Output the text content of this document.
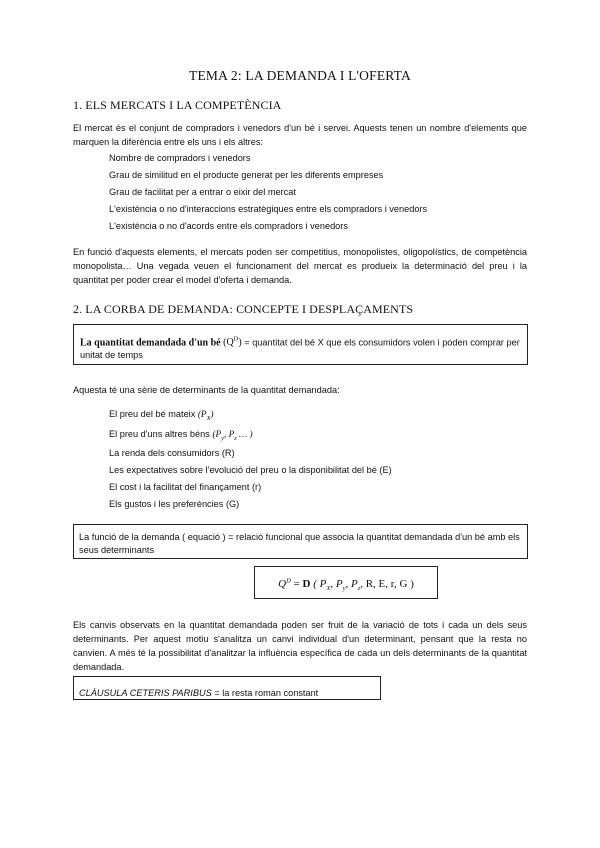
TEMA 2: LA DEMANDA I L'OFERTA
1. ELS MERCATS I LA COMPETÈNCIA
El mercat és el conjunt de compradors i venedors d'un bé i servei. Aquests tenen un nombre d'elements que marquen la diferència entre els uns i els altres:
Nombre de compradors i venedors
Grau de similitud en el producte generat per les diferents empreses
Grau de facilitat per a entrar o eixir del mercat
L'existència o no d'interaccions estratègiques entre els compradors i venedors
L'existència o no d'acords entre els compradors i venedors
En funció d'aquests elements, el mercats poden ser competitius, monopolistes, oligopolístics, de competència monopolista… Una vegada veuen el funcionament del mercat es produeix la determinació del preu i la quantitat per poder crear el model d'oferta i demanda.
2. LA CORBA DE DEMANDA: CONCEPTE I DESPLAÇAMENTS
La quantitat demandada d'un bé $(Q^D)$ = quantitat del bé X que els consumidors volen i poden comprar per unitat de temps
Aquesta té una sèrie de determinants de la quantitat demandada:
El preu del bé mateix $(P_X)$
El preu d'uns altres béns ($P_y$, $P_z$ … )
La renda dels consumidors (R)
Les expectatives sobre l'evolució del preu o la disponibilitat del bé (E)
El cost i la facilitat del finançament (r)
Els gustos i les preferències (G)
La funció de la demanda ( equació ) = relació funcional que associa la quantitat demandada d'un bé amb els seus determinants
$Q^D = D$ ( $P_X$, $P_y$, $P_z$, R, E, r, G )
Els canvis observats en la quantitat demandada poden ser fruit de la variació de tots i cada un dels seus determinants. Per aquest motiu s'analitza un canvi individual d'un determinant, pensant que la resta no canvien. A més té la possibilitat d'analitzar la influència específica de cada un dels determinants de la quantitat demandada.
CLÀUSULA CETERIS PARIBUS = la resta roman constant
